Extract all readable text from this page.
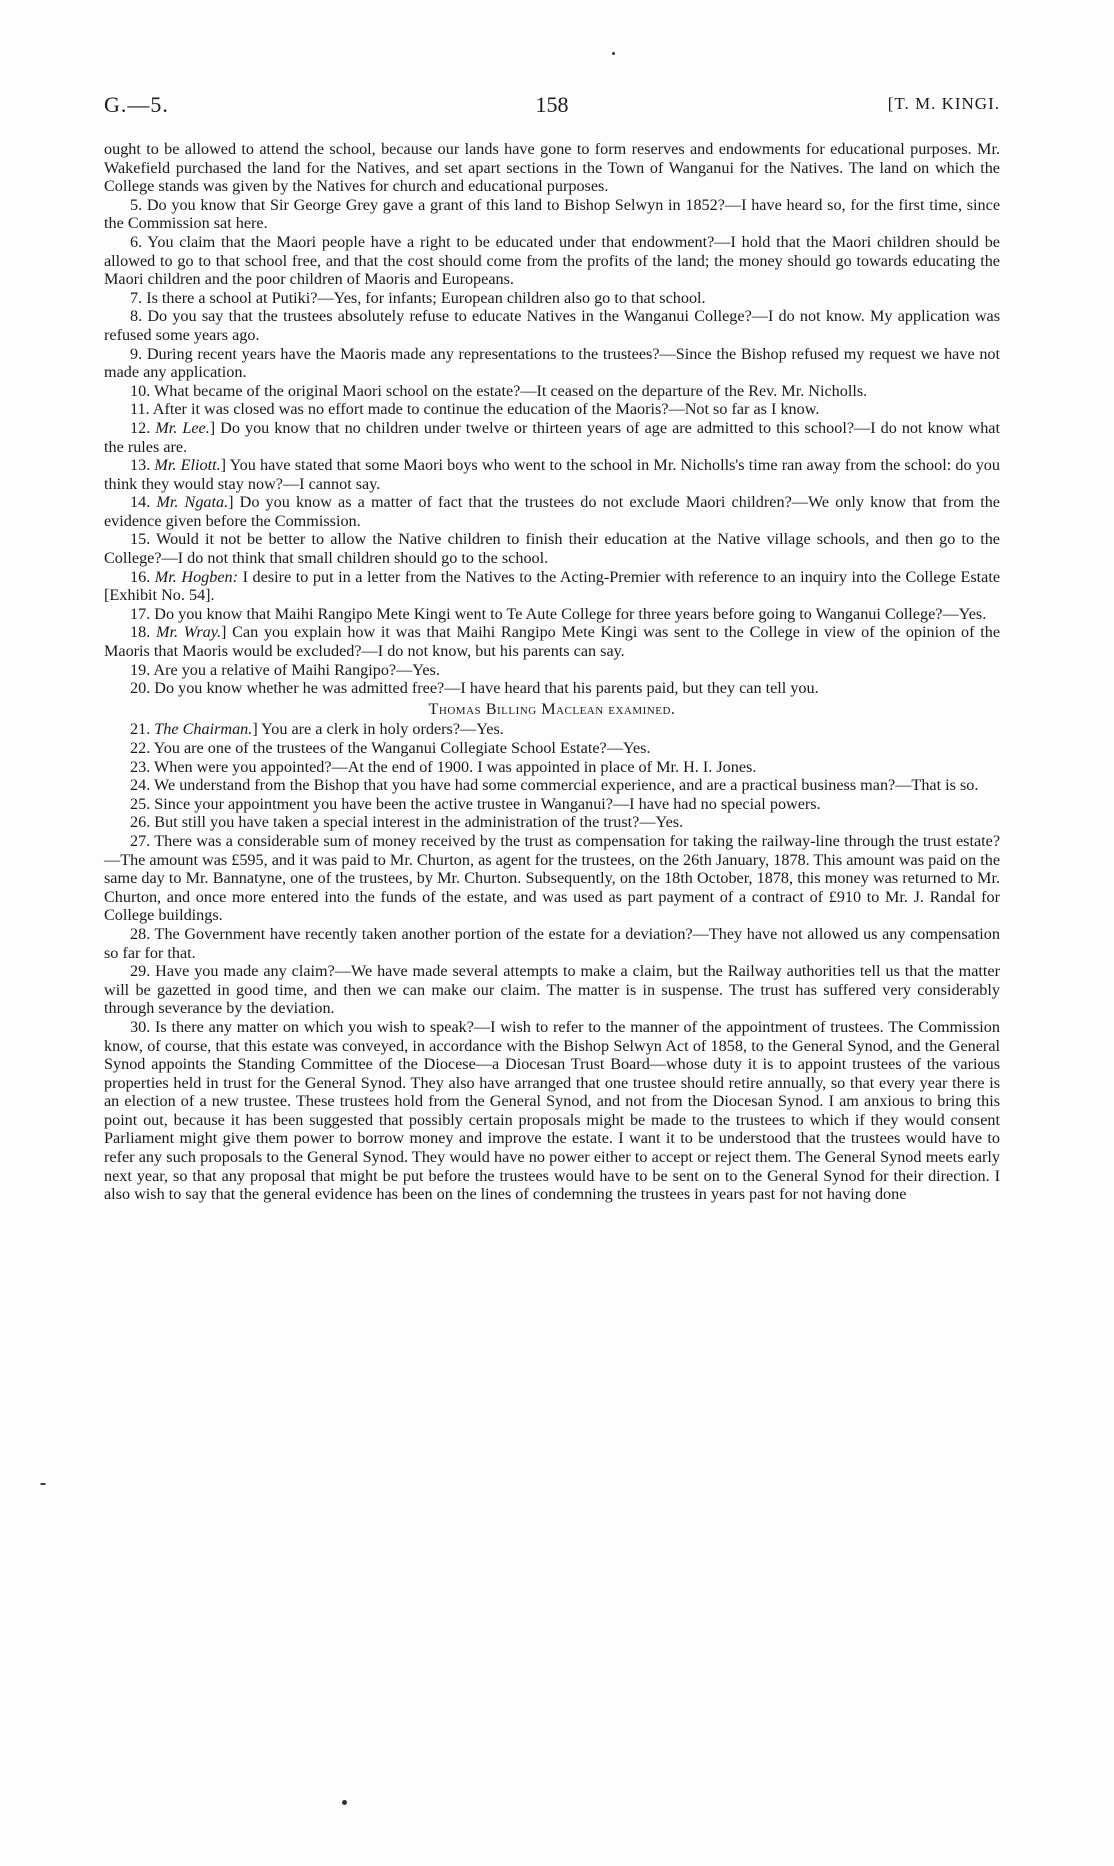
G.—5.	158	[T. M. KINGI.

ought to be allowed to attend the school, because our lands have gone to form reserves and endowments for educational purposes. Mr. Wakefield purchased the land for the Natives, and set apart sections in the Town of Wanganui for the Natives. The land on which the College stands was given by the Natives for church and educational purposes.

5. Do you know that Sir George Grey gave a grant of this land to Bishop Selwyn in 1852?—I have heard so, for the first time, since the Commission sat here.

6. You claim that the Maori people have a right to be educated under that endowment?—I hold that the Maori children should be allowed to go to that school free, and that the cost should come from the profits of the land; the money should go towards educating the Maori children and the poor children of Maoris and Europeans.

7. Is there a school at Putiki?—Yes, for infants; European children also go to that school.

8. Do you say that the trustees absolutely refuse to educate Natives in the Wanganui College?—I do not know. My application was refused some years ago.

9. During recent years have the Maoris made any representations to the trustees?—Since the Bishop refused my request we have not made any application.

10. What became of the original Maori school on the estate?—It ceased on the departure of the Rev. Mr. Nicholls.

11. After it was closed was no effort made to continue the education of the Maoris?—Not so far as I know.

12. Mr. Lee.] Do you know that no children under twelve or thirteen years of age are admitted to this school?—I do not know what the rules are.

13. Mr. Eliott.] You have stated that some Maori boys who went to the school in Mr. Nicholls's time ran away from the school: do you think they would stay now?—I cannot say.

14. Mr. Ngata.] Do you know as a matter of fact that the trustees do not exclude Maori children?—We only know that from the evidence given before the Commission.

15. Would it not be better to allow the Native children to finish their education at the Native village schools, and then go to the College?—I do not think that small children should go to the school.

16. Mr. Hogben: I desire to put in a letter from the Natives to the Acting-Premier with reference to an inquiry into the College Estate [Exhibit No. 54].

17. Do you know that Maihi Rangipo Mete Kingi went to Te Aute College for three years before going to Wanganui College?—Yes.

18. Mr. Wray.] Can you explain how it was that Maihi Rangipo Mete Kingi was sent to the College in view of the opinion of the Maoris that Maoris would be excluded?—I do not know, but his parents can say.

19. Are you a relative of Maihi Rangipo?—Yes.

20. Do you know whether he was admitted free?—I have heard that his parents paid, but they can tell you.

Thomas Billing Maclean examined.

21. The Chairman.] You are a clerk in holy orders?—Yes.

22. You are one of the trustees of the Wanganui Collegiate School Estate?—Yes.

23. When were you appointed?—At the end of 1900. I was appointed in place of Mr. H. I. Jones.

24. We understand from the Bishop that you have had some commercial experience, and are a practical business man?—That is so.

25. Since your appointment you have been the active trustee in Wanganui?—I have had no special powers.

26. But still you have taken a special interest in the administration of the trust?—Yes.

27. There was a considerable sum of money received by the trust as compensation for taking the railway-line through the trust estate?—The amount was £595, and it was paid to Mr. Churton, as agent for the trustees, on the 26th January, 1878. This amount was paid on the same day to Mr. Bannatyne, one of the trustees, by Mr. Churton. Subsequently, on the 18th October, 1878, this money was returned to Mr. Churton, and once more entered into the funds of the estate, and was used as part payment of a contract of £910 to Mr. J. Randal for College buildings.

28. The Government have recently taken another portion of the estate for a deviation?—They have not allowed us any compensation so far for that.

29. Have you made any claim?—We have made several attempts to make a claim, but the Railway authorities tell us that the matter will be gazetted in good time, and then we can make our claim. The matter is in suspense. The trust has suffered very considerably through severance by the deviation.

30. Is there any matter on which you wish to speak?—I wish to refer to the manner of the appointment of trustees. The Commission know, of course, that this estate was conveyed, in accordance with the Bishop Selwyn Act of 1858, to the General Synod, and the General Synod appoints the Standing Committee of the Diocese—a Diocesan Trust Board—whose duty it is to appoint trustees of the various properties held in trust for the General Synod. They also have arranged that one trustee should retire annually, so that every year there is an election of a new trustee. These trustees hold from the General Synod, and not from the Diocesan Synod. I am anxious to bring this point out, because it has been suggested that possibly certain proposals might be made to the trustees to which if they would consent Parliament might give them power to borrow money and improve the estate. I want it to be understood that the trustees would have to refer any such proposals to the General Synod. They would have no power either to accept or reject them. The General Synod meets early next year, so that any proposal that might be put before the trustees would have to be sent on to the General Synod for their direction. I also wish to say that the general evidence has been on the lines of condemning the trustees in years past for not having done
